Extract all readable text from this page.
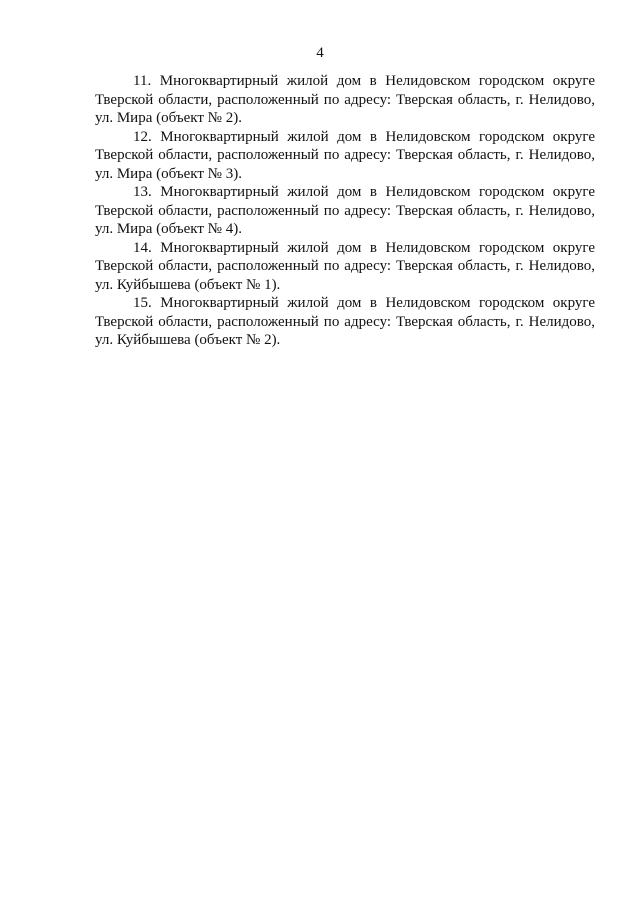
4

11. Многоквартирный жилой дом в Нелидовском городском округе Тверской области, расположенный по адресу: Тверская область, г. Нелидово, ул. Мира (объект № 2).

12. Многоквартирный жилой дом в Нелидовском городском округе Тверской области, расположенный по адресу: Тверская область, г. Нелидово, ул. Мира (объект № 3).

13. Многоквартирный жилой дом в Нелидовском городском округе Тверской области, расположенный по адресу: Тверская область, г. Нелидово, ул. Мира (объект № 4).

14. Многоквартирный жилой дом в Нелидовском городском округе Тверской области, расположенный по адресу: Тверская область, г. Нелидово, ул. Куйбышева (объект № 1).

15. Многоквартирный жилой дом в Нелидовском городском округе Тверской области, расположенный по адресу: Тверская область, г. Нелидово, ул. Куйбышева (объект № 2).
